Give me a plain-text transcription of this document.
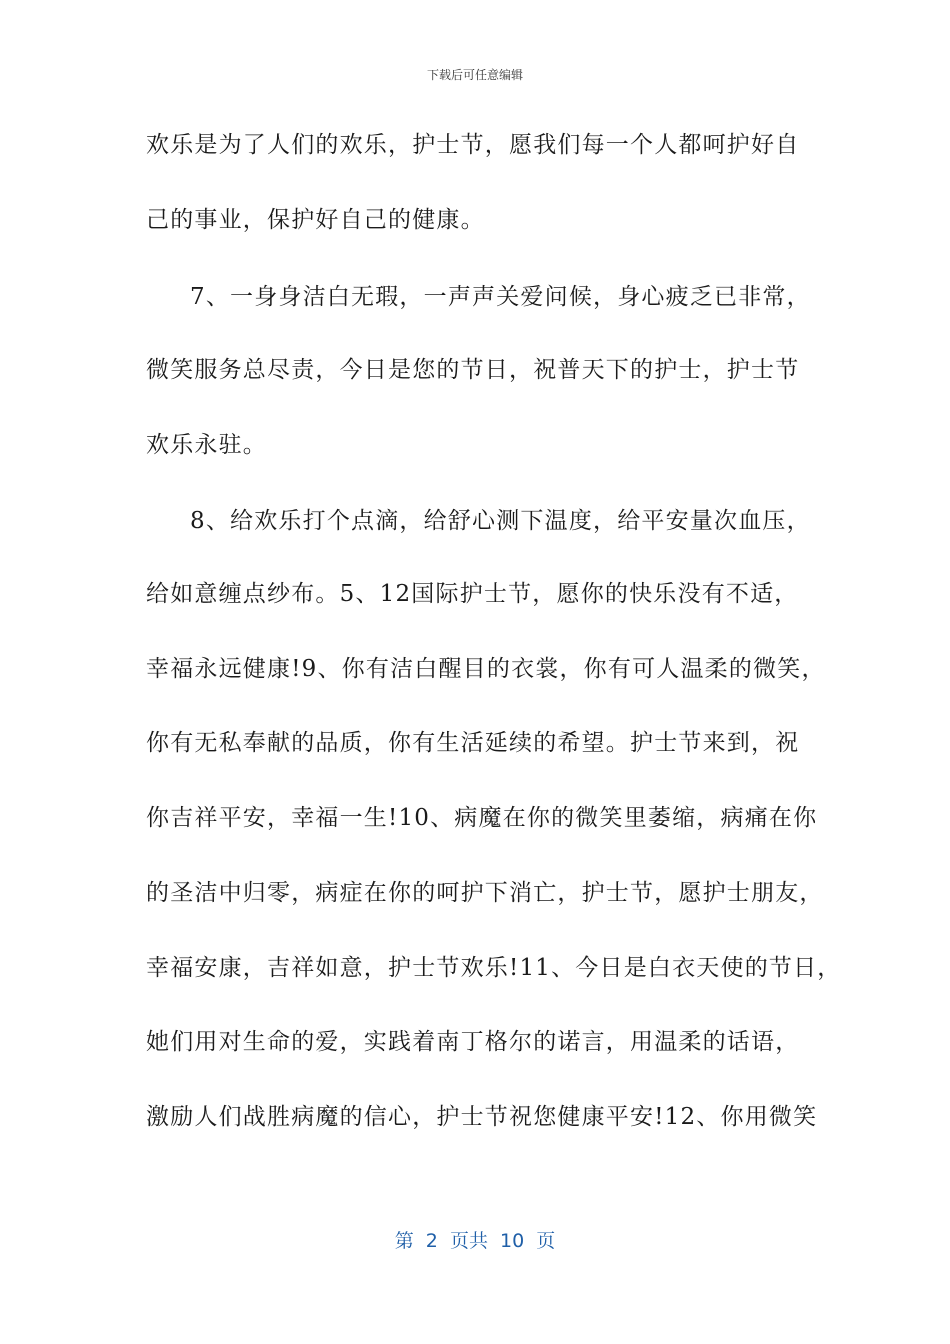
下载后可任意编辑
欢乐是为了人们的欢乐，护士节，愿我们每一个人都呵护好自
己的事业，保护好自己的健康。
7、一身身洁白无瑕，一声声关爱问候，身心疲乏已非常，
微笑服务总尽责，今日是您的节日，祝普天下的护士，护士节
欢乐永驻。
8、给欢乐打个点滴，给舒心测下温度，给平安量次血压，
给如意缠点纱布。5、12国际护士节，愿你的快乐没有不适，
幸福永远健康!9、你有洁白醒目的衣裳，你有可人温柔的微笑，
你有无私奉献的品质，你有生活延续的希望。护士节来到，祝
你吉祥平安，幸福一生!10、病魔在你的微笑里萎缩，病痛在你
的圣洁中归零，病症在你的呵护下消亡，护士节，愿护士朋友，
幸福安康，吉祥如意，护士节欢乐!11、今日是白衣天使的节日，
她们用对生命的爱，实践着南丁格尔的诺言，用温柔的话语，
激励人们战胜病魔的信心，护士节祝您健康平安!12、你用微笑
第  2  页共  10  页
